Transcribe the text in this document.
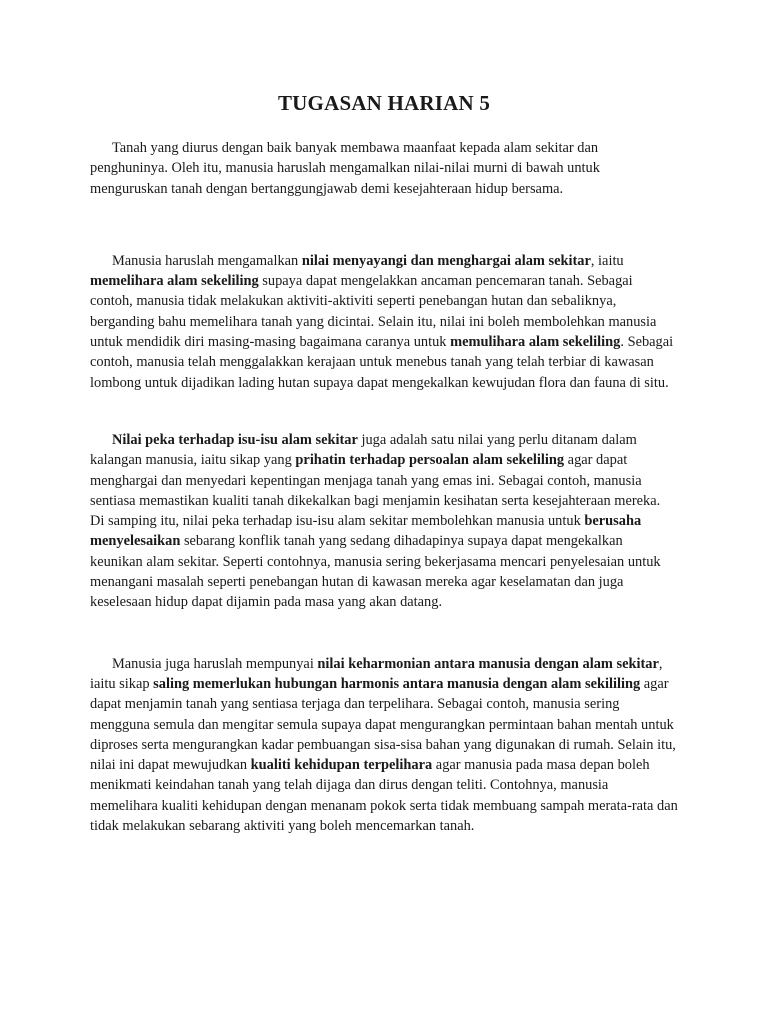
TUGASAN HARIAN 5

Tanah yang diurus dengan baik banyak membawa maanfaat kepada alam sekitar dan penghuninya. Oleh itu, manusia haruslah mengamalkan nilai-nilai murni di bawah untuk menguruskan tanah dengan bertanggungjawab demi kesejahteraan hidup bersama.

Manusia haruslah mengamalkan nilai menyayangi dan menghargai alam sekitar, iaitu memelihara alam sekeliling supaya dapat mengelakkan ancaman pencemaran tanah. Sebagai contoh, manusia tidak melakukan aktiviti-aktiviti seperti penebangan hutan dan sebaliknya, berganding bahu memelihara tanah yang dicintai. Selain itu, nilai ini boleh membolehkan manusia untuk mendidik diri masing-masing bagaimana caranya untuk memulihara alam sekeliling. Sebagai contoh, manusia telah menggalakkan kerajaan untuk menebus tanah yang telah terbiar di kawasan lombong untuk dijadikan lading hutan supaya dapat mengekalkan kewujudan flora dan fauna di situ.

Nilai peka terhadap isu-isu alam sekitar juga adalah satu nilai yang perlu ditanam dalam kalangan manusia, iaitu sikap yang prihatin terhadap persoalan alam sekeliling agar dapat menghargai dan menyedari kepentingan menjaga tanah yang emas ini. Sebagai contoh, manusia sentiasa memastikan kualiti tanah dikekalkan bagi menjamin kesihatan serta kesejahteraan mereka. Di samping itu, nilai peka terhadap isu-isu alam sekitar membolehkan manusia untuk berusaha menyelesaikan sebarang konflik tanah yang sedang dihadapinya supaya dapat mengekalkan keunikan alam sekitar. Seperti contohnya, manusia sering bekerjasama mencari penyelesaian untuk menangani masalah seperti penebangan hutan di kawasan mereka agar keselamatan dan juga keselesaan hidup dapat dijamin pada masa yang akan datang.

Manusia juga haruslah mempunyai nilai keharmonian antara manusia dengan alam sekitar, iaitu sikap saling memerlukan hubungan harmonis antara manusia dengan alam sekililing agar dapat menjamin tanah yang sentiasa terjaga dan terpelihara. Sebagai contoh, manusia sering mengguna semula dan mengitar semula supaya dapat mengurangkan permintaan bahan mentah untuk diproses serta mengurangkan kadar pembuangan sisa-sisa bahan yang digunakan di rumah. Selain itu, nilai ini dapat mewujudkan kualiti kehidupan terpelihara agar manusia pada masa depan boleh menikmati keindahan tanah yang telah dijaga dan dirus dengan teliti. Contohnya, manusia memelihara kualiti kehidupan dengan menanam pokok serta tidak membuang sampah merata-rata dan tidak melakukan sebarang aktiviti yang boleh mencemarkan tanah.
